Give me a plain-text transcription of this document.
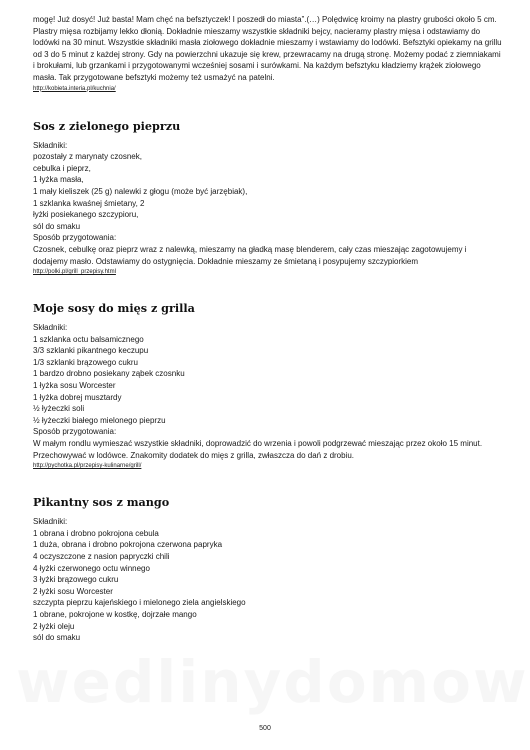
mogę! Już dosyć! Już basta! Mam chęć na befsztyczek! I poszedł do miasta”.(…) Polędwicę kroimy na plastry grubości około 5 cm. Plastry mięsa rozbijamy lekko dłonią. Dokładnie mieszamy wszystkie składniki bejcy, nacieramy plastry mięsa i odstawiamy do lodówki na 30 minut. Wszystkie składniki masła ziołowego dokładnie mieszamy i wstawiamy do lodówki. Befsztyki opiekamy na grillu od 3 do 5 minut z każdej strony. Gdy na powierzchni ukazuje się krew, przewracamy na drugą stronę. Możemy podać z ziemniakami i brokułami, lub grzankami i przygotowanymi wcześniej sosami i surówkami. Na każdym befsztyku kładziemy krążek ziołowego masła. Tak przygotowane befsztyki możemy też usmażyć na patelni.

http://kobieta.interia.pl/kuchnia/
Sos z zielonego pieprzu

Składniki:

pozostały z marynaty czosnek,

cebulka i pieprz,

1 łyżka masła,

1 mały kieliszek (25 g) nalewki z głogu (może być jarzębiak),

1 szklanka kwaśnej śmietany, 2

łyżki posiekanego szczypioru,

sól do smaku

Sposób przygotowania:

Czosnek, cebulkę oraz pieprz wraz z nalewką, mieszamy na gładką masę blenderem, cały czas mieszając zagotowujemy i dodajemy masło. Odstawiamy do ostygnięcia. Dokładnie mieszamy ze śmietaną i posypujemy szczypiorkiem

http://polki.pl/grill_przepisy.html
Moje sosy do mięs z grilla

Składniki:

1 szklanka octu balsamicznego

3/3 szklanki pikantnego keczupu

1/3 szklanki brązowego cukru

1 bardzo drobno posiekany ząbek czosnku

1 łyżka sosu Worcester

1 łyżka dobrej musztardy

½ łyżeczki soli

½ łyżeczki białego mielonego pieprzu

Sposób przygotowania:

W małym rondlu wymieszać wszystkie składniki, doprowadzić do wrzenia i powoli podgrzewać mieszając przez około 15 minut. Przechowywać w lodówce. Znakomity dodatek do mięs z grilla, zwłaszcza do dań z drobiu.

http://pychotka.pl/przepisy-kulinarne/grill/
Pikantny sos z mango

Składniki:

1 obrana i drobno pokrojona cebula

1 duża, obrana i drobno pokrojona czerwona papryka

4 oczyszczone z nasion papryczki chili

4 łyżki czerwonego octu winnego

3 łyżki brązowego cukru

2 łyżki sosu Worcester

szczypta pieprzu kajeńskiego i mielonego ziela angielskiego

1 obrane, pokrojone w kostkę, dojrzałe mango

2 łyżki oleju

sól do smaku

500
